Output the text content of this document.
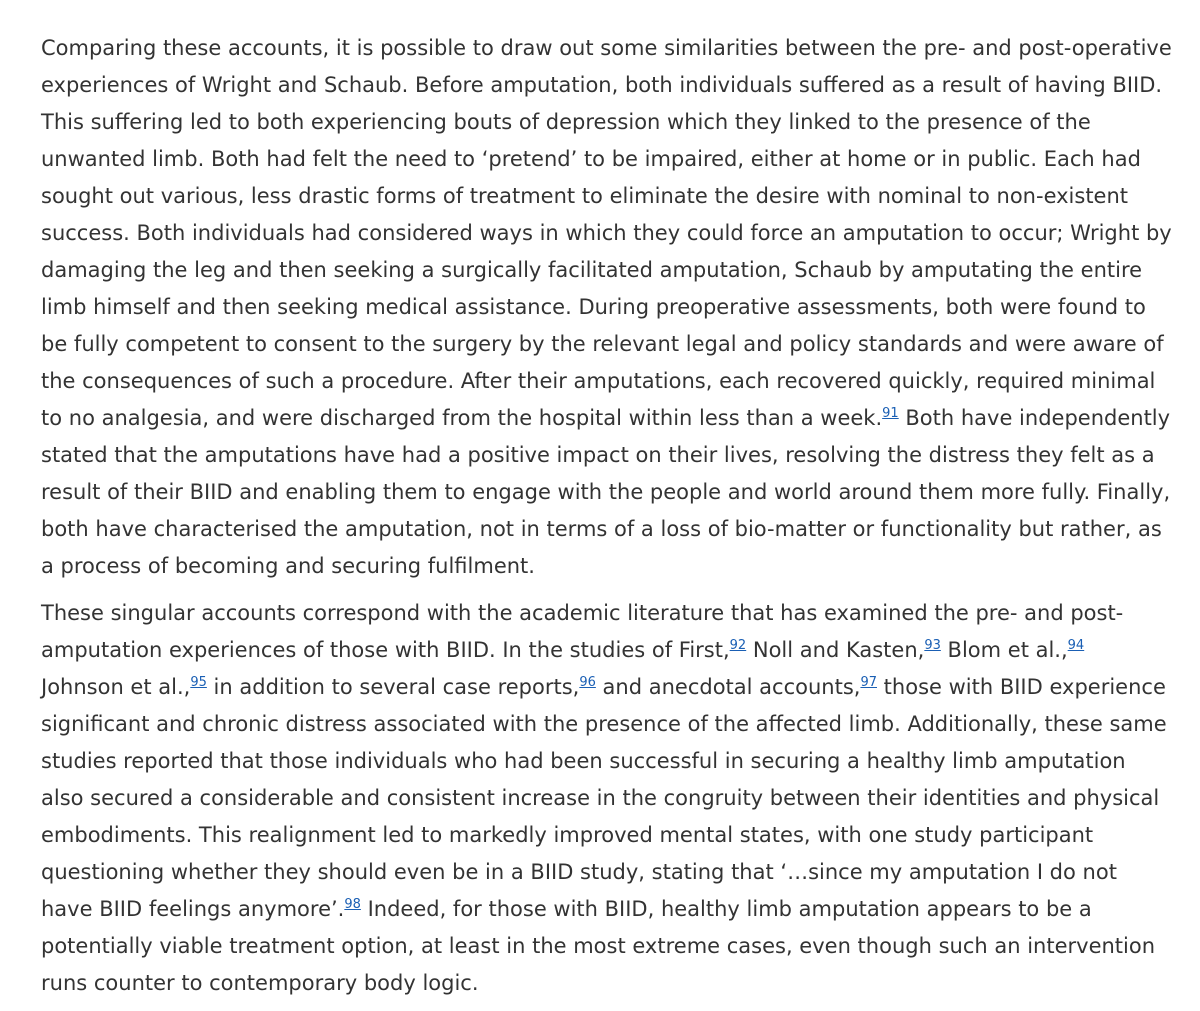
Comparing these accounts, it is possible to draw out some similarities between the pre- and post-operative experiences of Wright and Schaub. Before amputation, both individuals suffered as a result of having BIID. This suffering led to both experiencing bouts of depression which they linked to the presence of the unwanted limb. Both had felt the need to ‘pretend’ to be impaired, either at home or in public. Each had sought out various, less drastic forms of treatment to eliminate the desire with nominal to non-existent success. Both individuals had considered ways in which they could force an amputation to occur; Wright by damaging the leg and then seeking a surgically facilitated amputation, Schaub by amputating the entire limb himself and then seeking medical assistance. During preoperative assessments, both were found to be fully competent to consent to the surgery by the relevant legal and policy standards and were aware of the consequences of such a procedure. After their amputations, each recovered quickly, required minimal to no analgesia, and were discharged from the hospital within less than a week.$^{91}$ Both have independently stated that the amputations have had a positive impact on their lives, resolving the distress they felt as a result of their BIID and enabling them to engage with the people and world around them more fully. Finally, both have characterised the amputation, not in terms of a loss of bio-matter or functionality but rather, as a process of becoming and securing fulfilment.

These singular accounts correspond with the academic literature that has examined the pre- and post-amputation experiences of those with BIID. In the studies of First,$^{92}$ Noll and Kasten,$^{93}$ Blom et al.,$^{94}$ Johnson et al.,$^{95}$ in addition to several case reports,$^{96}$ and anecdotal accounts,$^{97}$ those with BIID experience significant and chronic distress associated with the presence of the affected limb. Additionally, these same studies reported that those individuals who had been successful in securing a healthy limb amputation also secured a considerable and consistent increase in the congruity between their identities and physical embodiments. This realignment led to markedly improved mental states, with one study participant questioning whether they should even be in a BIID study, stating that ‘…since my amputation I do not have BIID feelings anymore’.$^{98}$ Indeed, for those with BIID, healthy limb amputation appears to be a potentially viable treatment option, at least in the most extreme cases, even though such an intervention runs counter to contemporary body logic.
